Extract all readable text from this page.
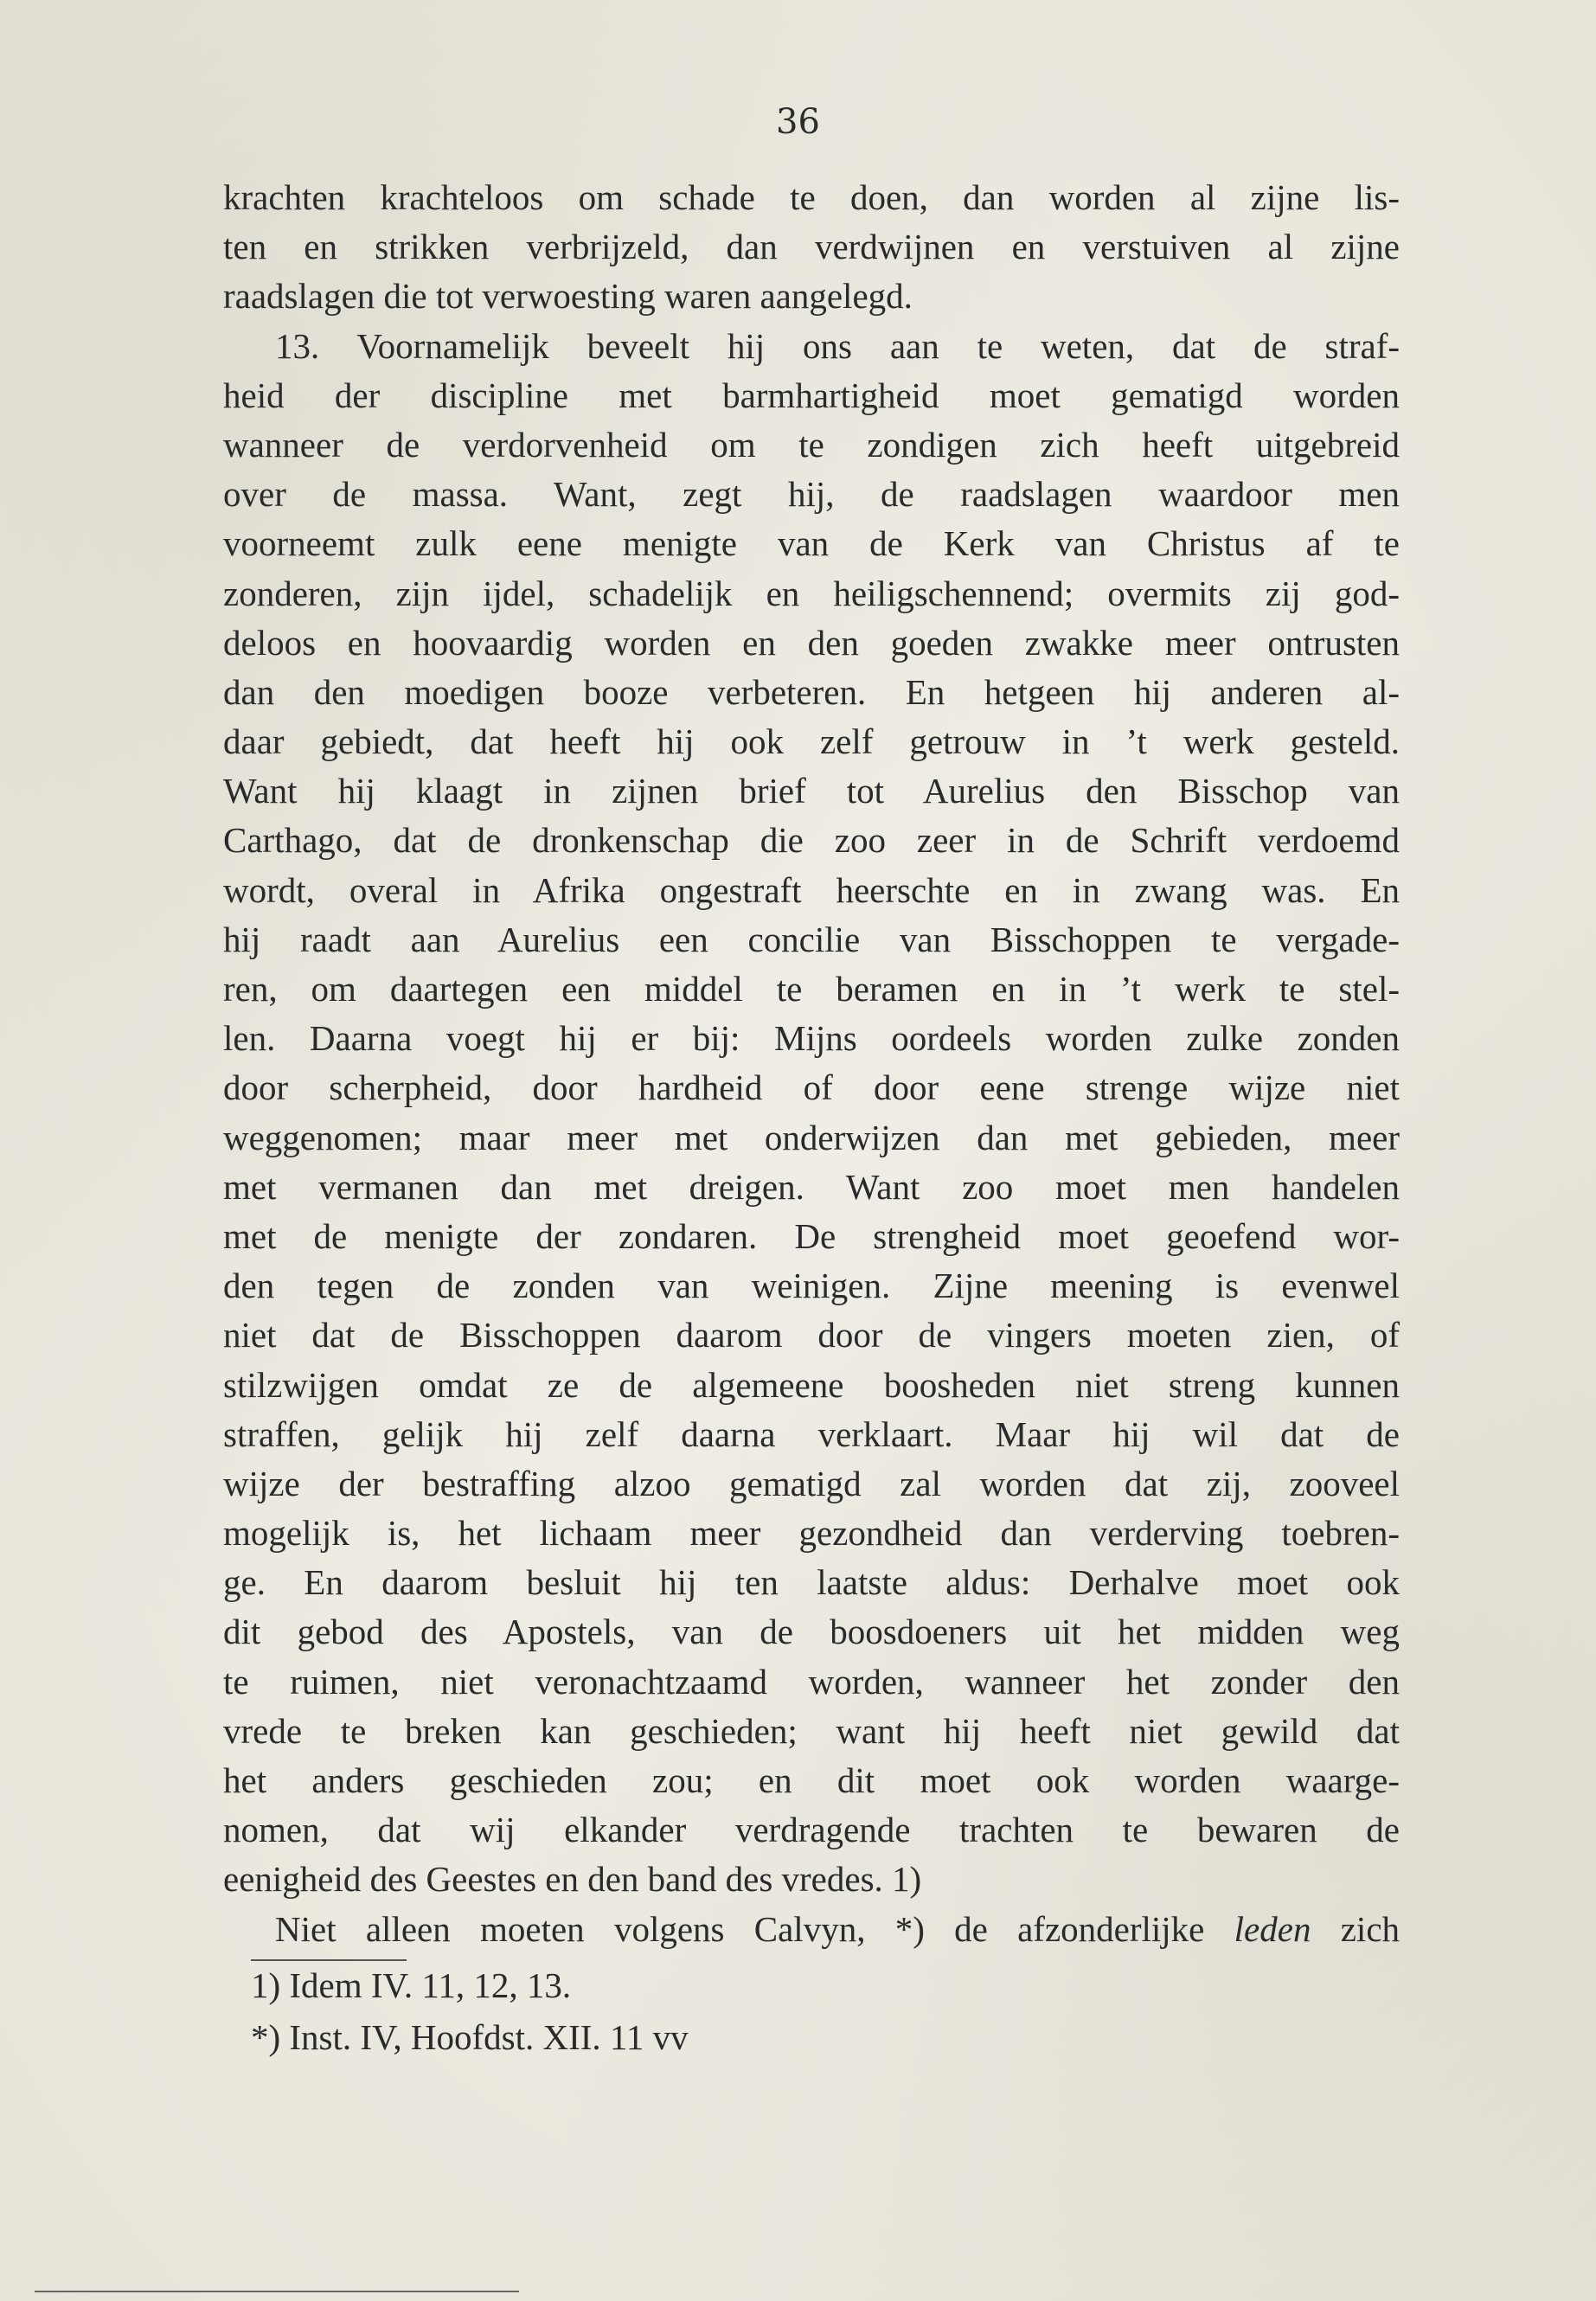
36
krachten krachteloos om schade te doen, dan worden al zijne lis-
ten en strikken verbrijzeld, dan verdwijnen en verstuiven al zijne
raadslagen die tot verwoesting waren aangelegd.
13. Voornamelijk beveelt hij ons aan te weten, dat de straf-
heid der discipline met barmhartigheid moet gematigd worden
wanneer de verdorvenheid om te zondigen zich heeft uitgebreid
over de massa. Want, zegt hij, de raadslagen waardoor men
voorneemt zulk eene menigte van de Kerk van Christus af te
zonderen, zijn ijdel, schadelijk en heiligschennend; overmits zij god-
deloos en hoovaardig worden en den goeden zwakke meer ontrusten
dan den moedigen booze verbeteren. En hetgeen hij anderen al-
daar gebiedt, dat heeft hij ook zelf getrouw in ’t werk gesteld.
Want hij klaagt in zijnen brief tot Aurelius den Bisschop van
Carthago, dat de dronkenschap die zoo zeer in de Schrift verdoemd
wordt, overal in Afrika ongestraft heerschte en in zwang was. En
hij raadt aan Aurelius een concilie van Bisschoppen te vergade-
ren, om daartegen een middel te beramen en in ’t werk te stel-
len. Daarna voegt hij er bij: Mijns oordeels worden zulke zonden
door scherpheid, door hardheid of door eene strenge wijze niet
weggenomen; maar meer met onderwijzen dan met gebieden, meer
met vermanen dan met dreigen. Want zoo moet men handelen
met de menigte der zondaren. De strengheid moet geoefend wor-
den tegen de zonden van weinigen. Zijne meening is evenwel
niet dat de Bisschoppen daarom door de vingers moeten zien, of
stilzwijgen omdat ze de algemeene boosheden niet streng kunnen
straffen, gelijk hij zelf daarna verklaart. Maar hij wil dat de
wijze der bestraffing alzoo gematigd zal worden dat zij, zooveel
mogelijk is, het lichaam meer gezondheid dan verderving toebren-
ge. En daarom besluit hij ten laatste aldus: Derhalve moet ook
dit gebod des Apostels, van de boosdoeners uit het midden weg
te ruimen, niet veronachtzaamd worden, wanneer het zonder den
vrede te breken kan geschieden; want hij heeft niet gewild dat
het anders geschieden zou; en dit moet ook worden waarge-
nomen, dat wij elkander verdragende trachten te bewaren de
eenigheid des Geestes en den band des vredes. 1)
Niet alleen moeten volgens Calvyn, *) de afzonderlijke leden zich
1) Idem IV. 11, 12, 13.
*) Inst. IV, Hoofdst. XII. 11 vv
